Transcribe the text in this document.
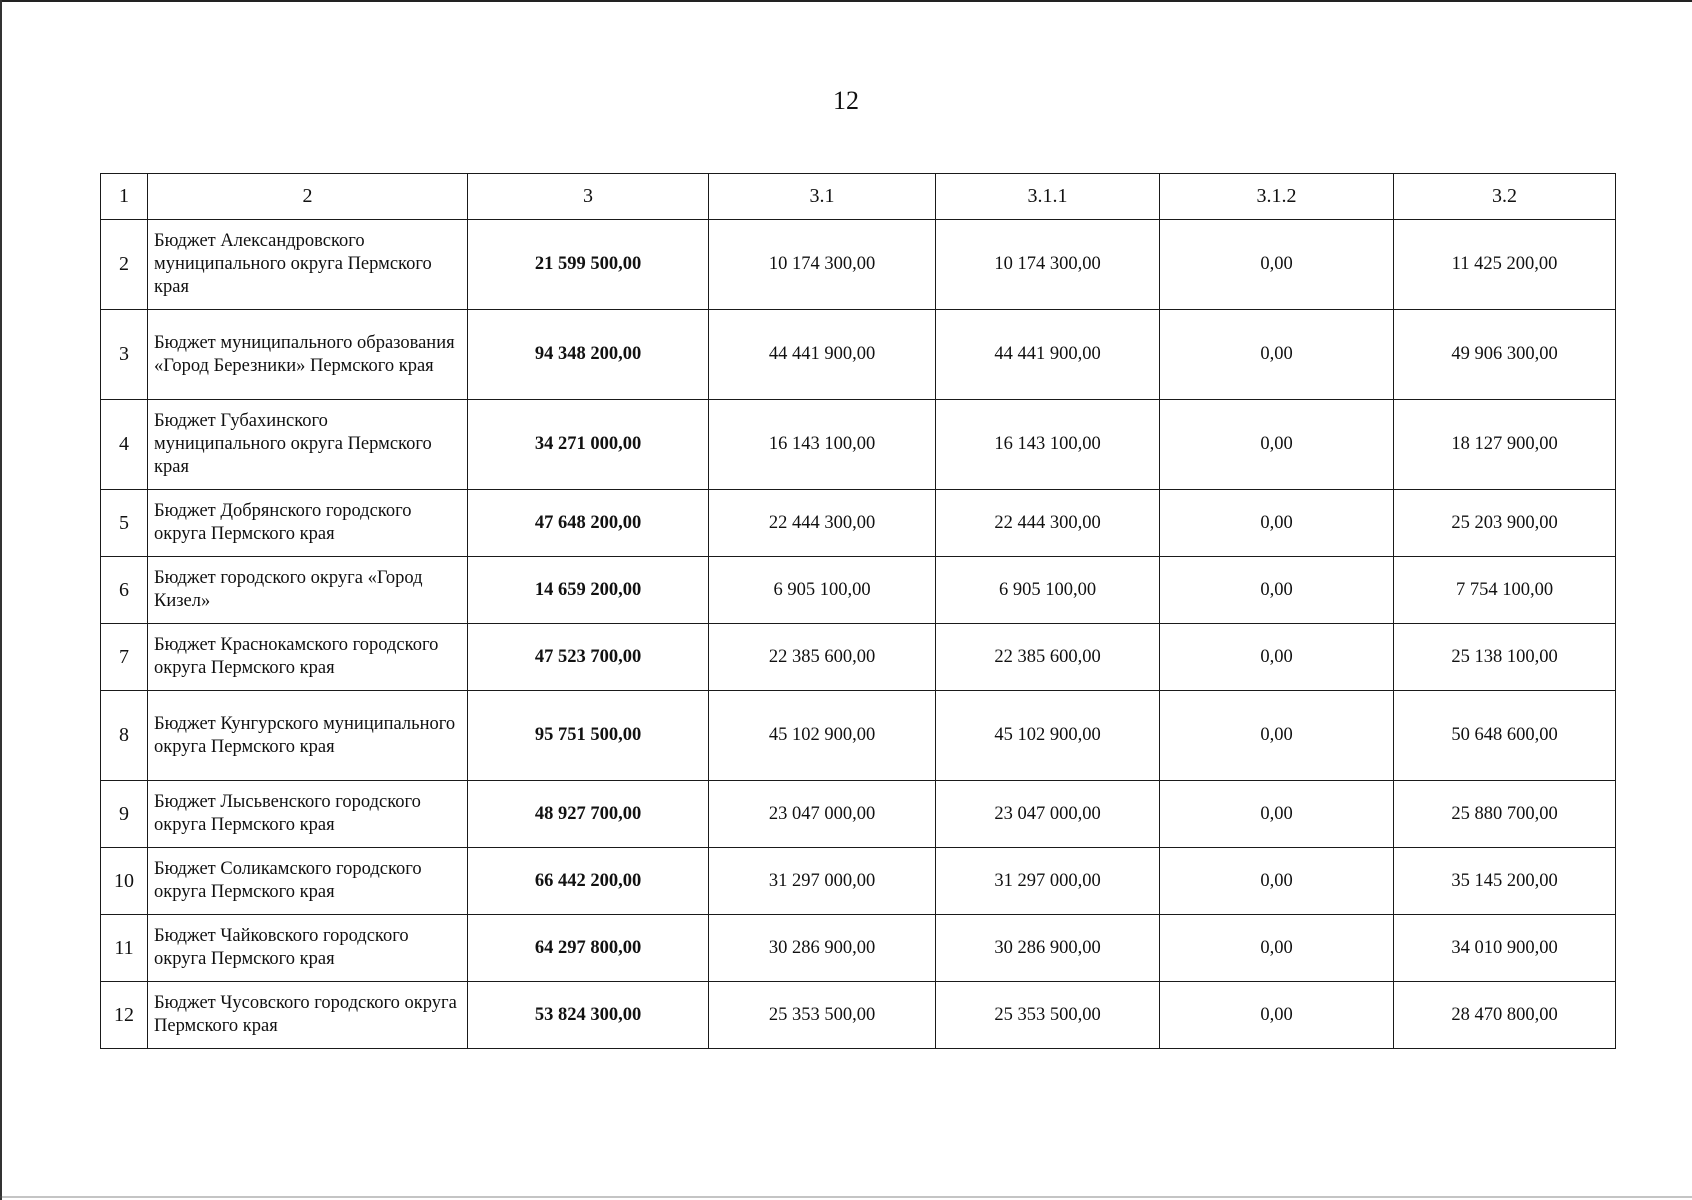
12
1	2	3	3.1	3.1.1	3.1.2	3.2
2	Бюджет Александровского муниципального округа Пермского края	21 599 500,00	10 174 300,00	10 174 300,00	0,00	11 425 200,00
3	Бюджет муниципального образования «Город Березники» Пермского края	94 348 200,00	44 441 900,00	44 441 900,00	0,00	49 906 300,00
4	Бюджет Губахинского муниципального округа Пермского края	34 271 000,00	16 143 100,00	16 143 100,00	0,00	18 127 900,00
5	Бюджет Добрянского городского округа Пермского края	47 648 200,00	22 444 300,00	22 444 300,00	0,00	25 203 900,00
6	Бюджет городского округа «Город Кизел»	14 659 200,00	6 905 100,00	6 905 100,00	0,00	7 754 100,00
7	Бюджет Краснокамского городского округа Пермского края	47 523 700,00	22 385 600,00	22 385 600,00	0,00	25 138 100,00
8	Бюджет Кунгурского муниципального округа Пермского края	95 751 500,00	45 102 900,00	45 102 900,00	0,00	50 648 600,00
9	Бюджет Лысьвенского городского округа Пермского края	48 927 700,00	23 047 000,00	23 047 000,00	0,00	25 880 700,00
10	Бюджет Соликамского городского округа Пермского края	66 442 200,00	31 297 000,00	31 297 000,00	0,00	35 145 200,00
11	Бюджет Чайковского городского округа Пермского края	64 297 800,00	30 286 900,00	30 286 900,00	0,00	34 010 900,00
12	Бюджет Чусовского городского округа Пермского края	53 824 300,00	25 353 500,00	25 353 500,00	0,00	28 470 800,00
